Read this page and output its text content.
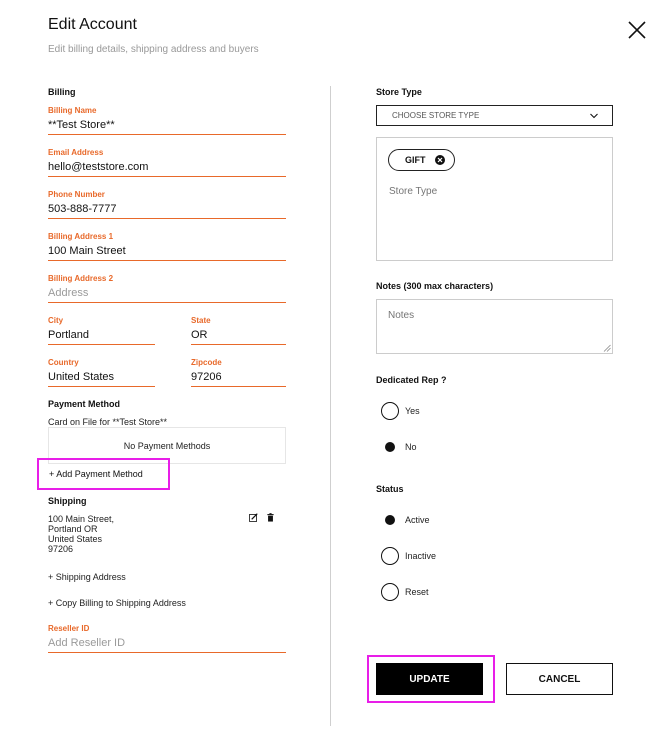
Edit Account
Edit billing details, shipping address and buyers
Billing
Billing Name
**Test Store**
Email Address
hello@teststore.com
Phone Number
503-888-7777
Billing Address 1
100 Main Street
Billing Address 2
Address
City
Portland
State
OR
Country
United States
Zipcode
97206
Payment Method
Card on File for **Test Store**
No Payment Methods
+ Add Payment Method
Shipping
100 Main Street,
Portland OR
United States
97206
+ Shipping Address
+ Copy Billing to Shipping Address
Reseller ID
Add Reseller ID
Store Type
CHOOSE STORE TYPE
GIFT
Store Type
Notes (300 max characters)
Notes
Dedicated Rep ?
Yes
No
Status
Active
Inactive
Reset
UPDATE	CANCEL
